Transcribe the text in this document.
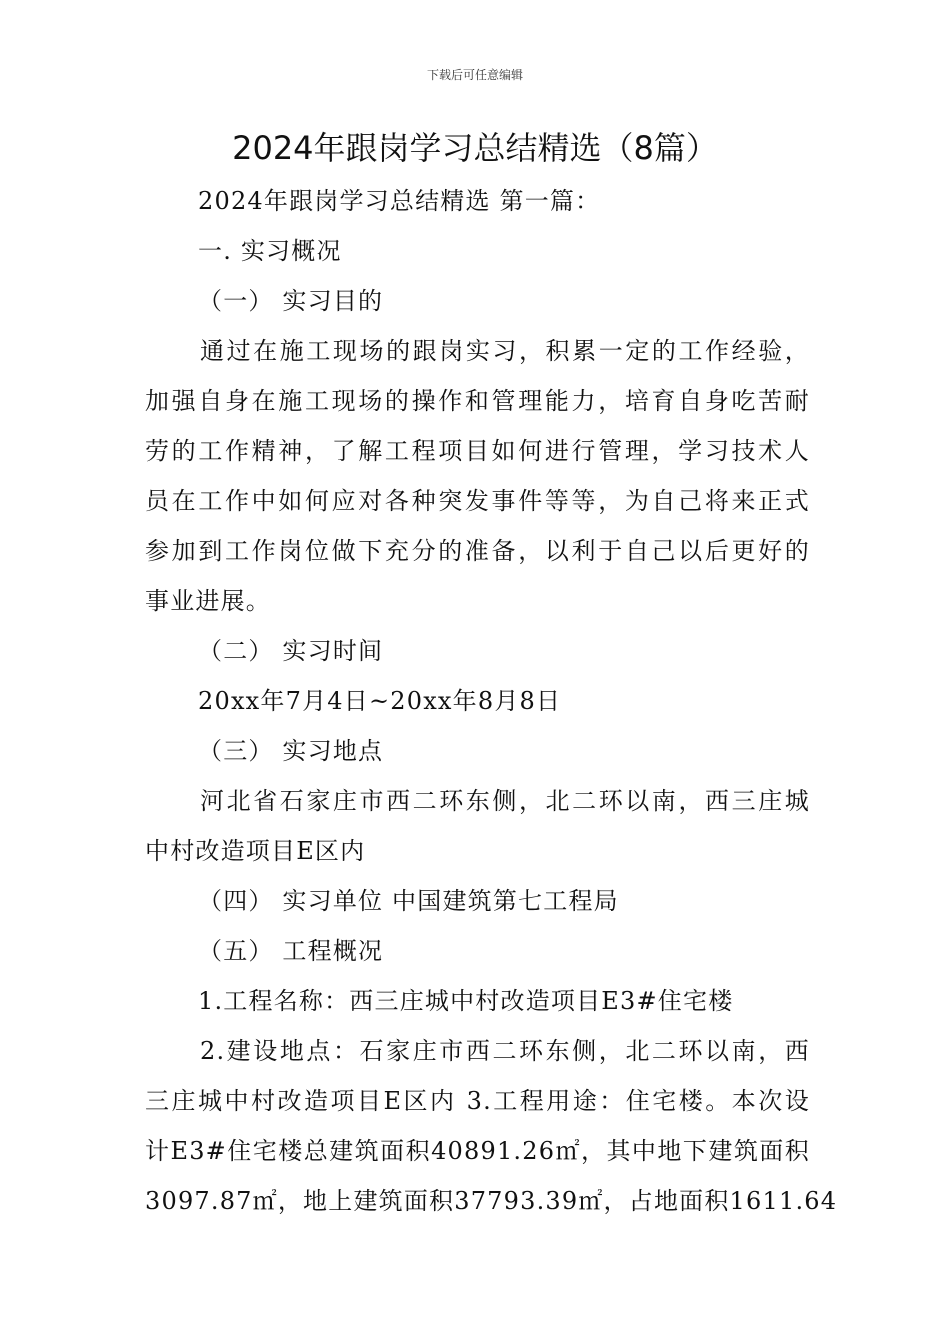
下载后可任意编辑
2024年跟岗学习总结精选（8篇）
2024年跟岗学习总结精选 第一篇：
一. 实习概况
（一） 实习目的
通过在施工现场的跟岗实习，积累一定的工作经验，
加强自身在施工现场的操作和管理能力，培育自身吃苦耐
劳的工作精神，了解工程项目如何进行管理，学习技术人
员在工作中如何应对各种突发事件等等，为自己将来正式
参加到工作岗位做下充分的准备，以利于自己以后更好的
事业进展。
（二） 实习时间
20xx年7月4日~20xx年8月8日
（三） 实习地点
河北省石家庄市西二环东侧，北二环以南，西三庄城
中村改造项目E区内
（四） 实习单位 中国建筑第七工程局
（五） 工程概况
1.工程名称：西三庄城中村改造项目E3#住宅楼
2.建设地点：石家庄市西二环东侧，北二环以南，西
三庄城中村改造项目E区内 3.工程用途：住宅楼。本次设
计E3#住宅楼总建筑面积40891.26㎡，其中地下建筑面积
3097.87㎡，地上建筑面积37793.39㎡，占地面积1611.64
